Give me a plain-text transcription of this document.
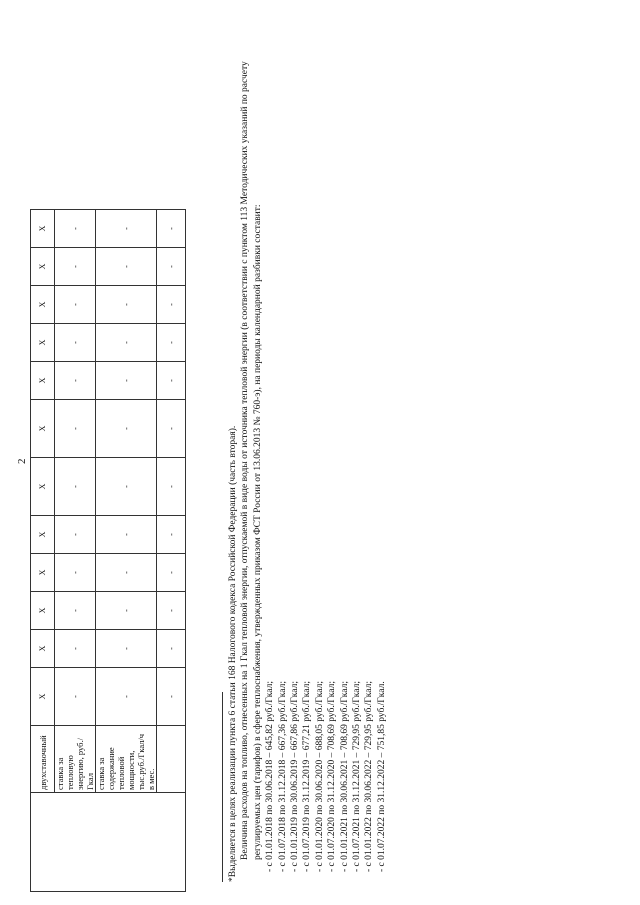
2
	двухставочный	Х	Х	Х	Х	Х	Х	Х	Х	Х	Х	Х	Х
	ставка за тепловую энергию, руб./Гкал	-	-	-	-	-	-	-	-	-	-	-	-
	ставка за содержание тепловой мощности, тыс.руб./Гкал/ч в мес.	-	-	-	-	-	-	-	-	-	-	-	-
		-	-	-	-	-	-	-	-	-	-	-	-

*Выделяется в целях реализации пункта 6 статьи 168 Налогового кодекса Российской Федерации (часть вторая). Величина расходов на топливо, отнесенных на 1 Гкал тепловой энергии, отпускаемой в виде воды от источника тепловой энергии (в соответствии с пунктом 113 Методических указаний по расчету регулируемых цен (тарифов) в сфере теплоснабжения, утвержденных приказом ФСТ России от 13.06.2013 № 760-э), на периоды календарной разбивки составит: - с 01.01.2018 по 30.06.2018 – 645,82 руб./Гкал; - с 01.07.2018 по 31.12.2018 – 667,36 руб./Гкал; - с 01.01.2019 по 30.06.2019 – 667,86 руб./Гкал; - с 01.07.2019 по 31.12.2019 – 677,21 руб./Гкал; - с 01.01.2020 по 30.06.2020 – 688,05 руб./Гкал; - с 01.07.2020 по 31.12.2020 – 708,69 руб./Гкал; - с 01.01.2021 по 30.06.2021 – 708,69 руб./Гкал; - с 01.07.2021 по 31.12.2021 – 729,95 руб./Гкал; - с 01.01.2022 по 30.06.2022 – 729,95 руб./Гкал; - с 01.07.2022 по 31.12.2022 – 751,85 руб./Гкал.
